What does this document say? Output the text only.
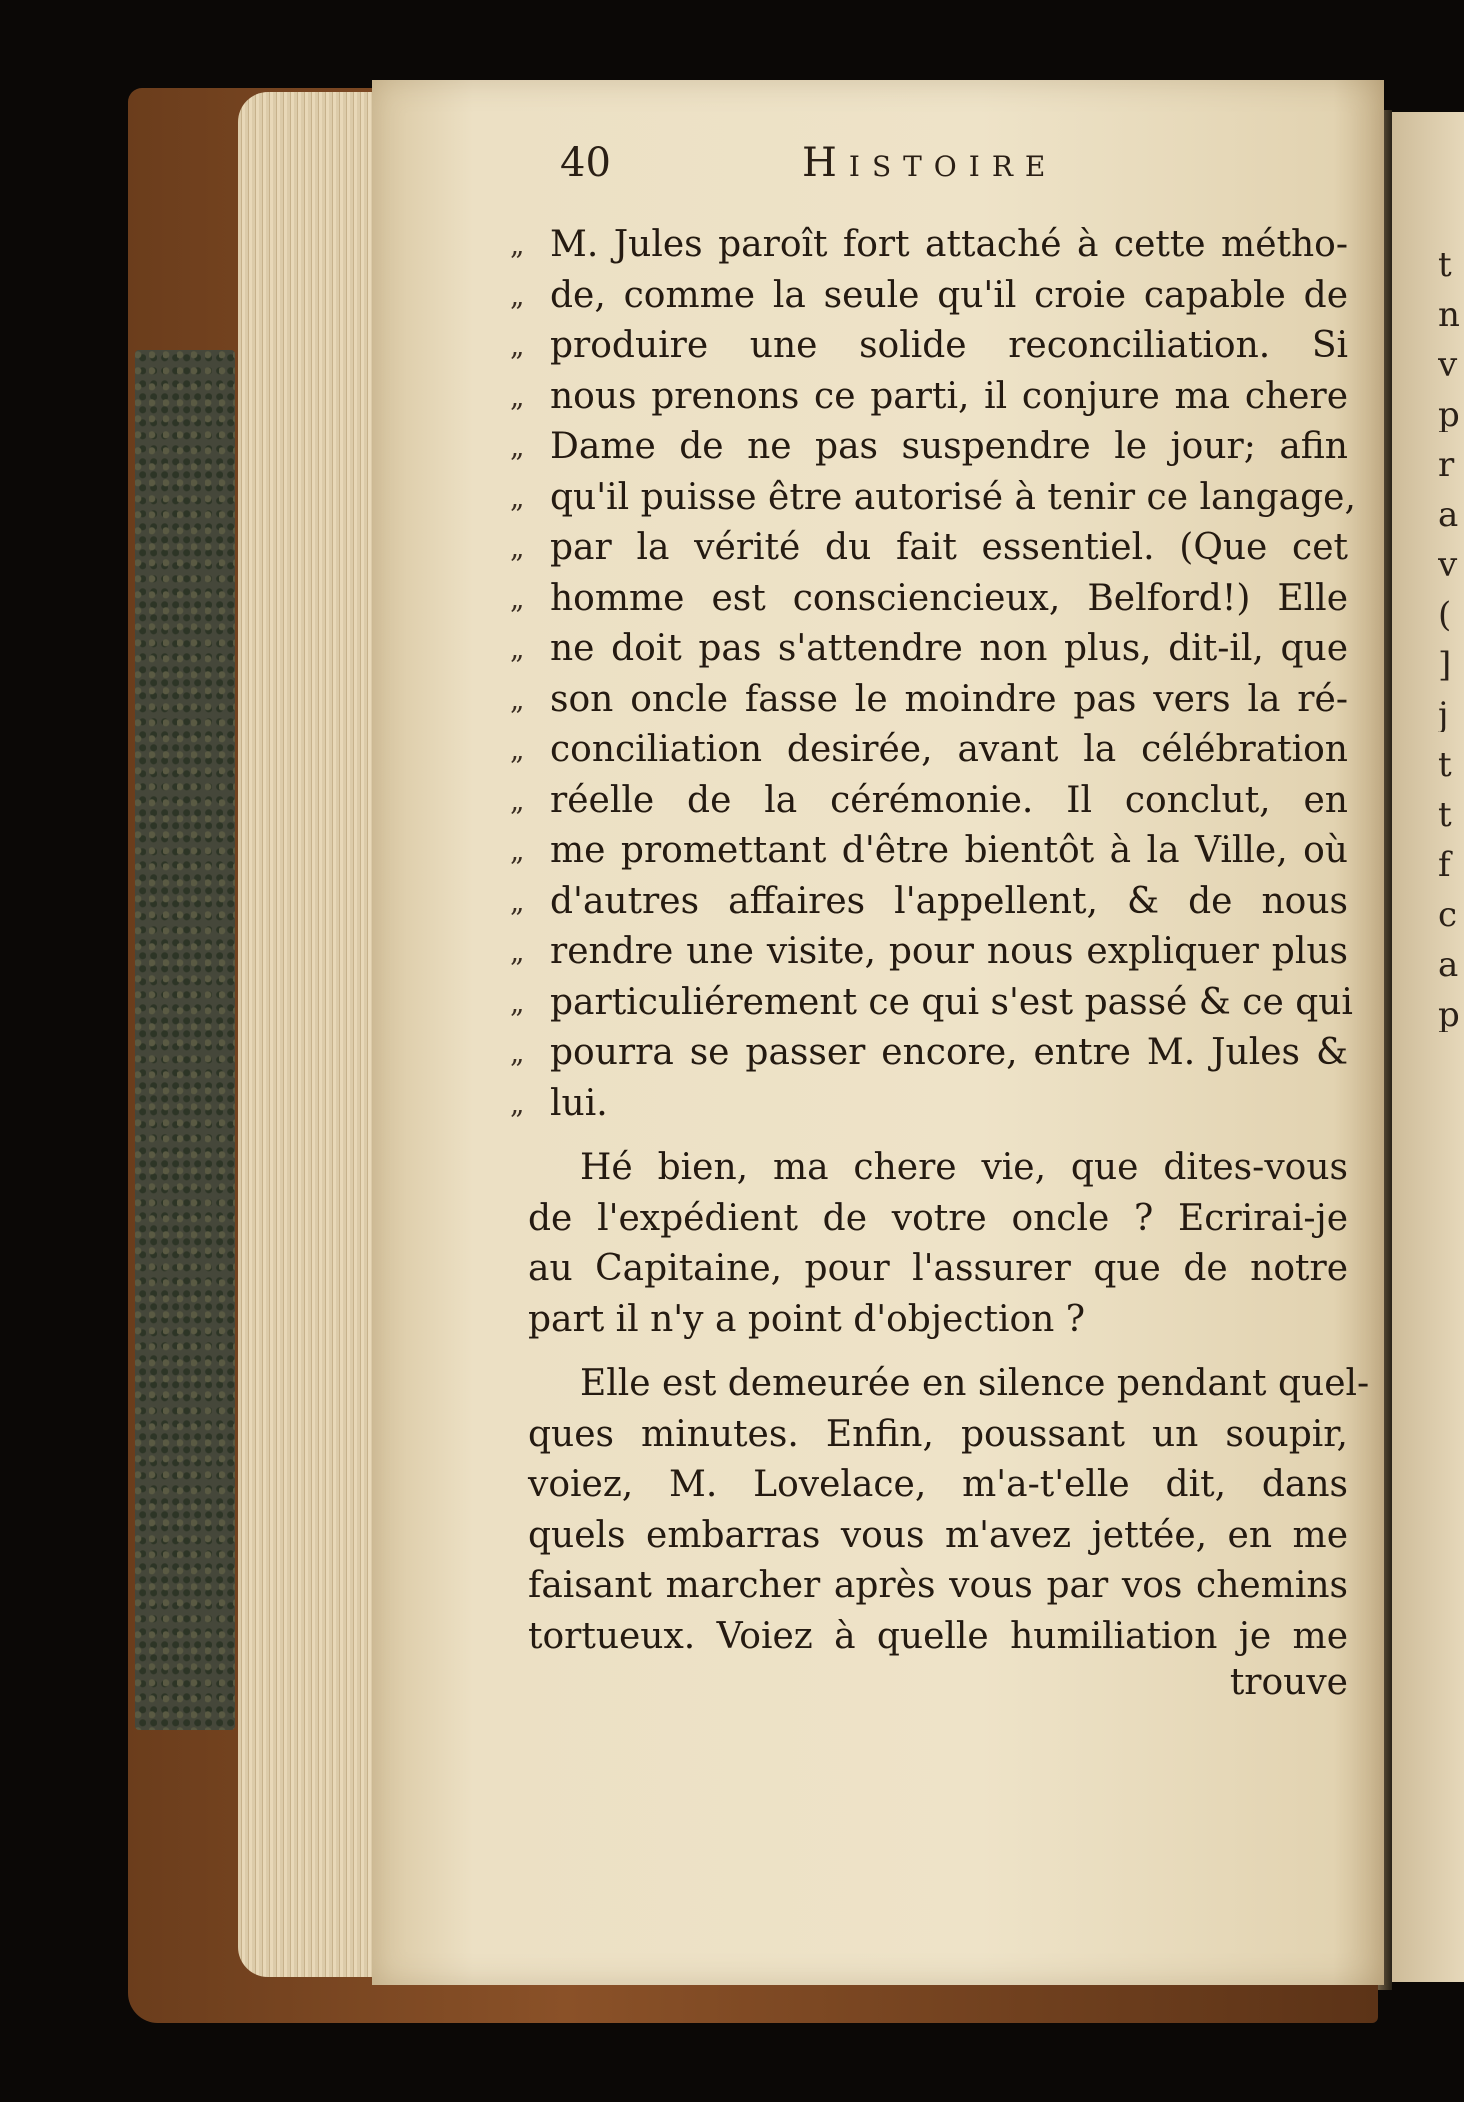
40	Histoire
„ M. Jules paroît fort attaché à cette métho-
„ de, comme la seule qu'il croie capable de
„ produire une solide reconciliation. Si
„ nous prenons ce parti, il conjure ma chere
„ Dame de ne pas suspendre le jour; afin
„ qu'il puisse être autorisé à tenir ce langage,
„ par la vérité du fait essentiel. (Que cet
„ homme est consciencieux, Belford!) Elle
„ ne doit pas s'attendre non plus, dit-il, que
„ son oncle fasse le moindre pas vers la ré-
„ conciliation desirée, avant la célébration
„ réelle de la cérémonie. Il conclut, en
„ me promettant d'être bientôt à la Ville, où
„ d'autres affaires l'appellent, & de nous
„ rendre une visite, pour nous expliquer plus
„ particuliérement ce qui s'est passé & ce qui
„ pourra se passer encore, entre M. Jules &
„ lui.
Hé bien, ma chere vie, que dites-vous
de l'expédient de votre oncle ? Ecrirai-je
au Capitaine, pour l'assurer que de notre
part il n'y a point d'objection ?
Elle est demeurée en silence pendant quel-
ques minutes. Enfin, poussant un soupir,
voiez, M. Lovelace, m'a-t'elle dit, dans
quels embarras vous m'avez jettée, en me
faisant marcher après vous par vos chemins
tortueux. Voiez à quelle humiliation je me
trouve
t
n
v
p
r
a
v
(
]
j
t
t
f
c
a
p
